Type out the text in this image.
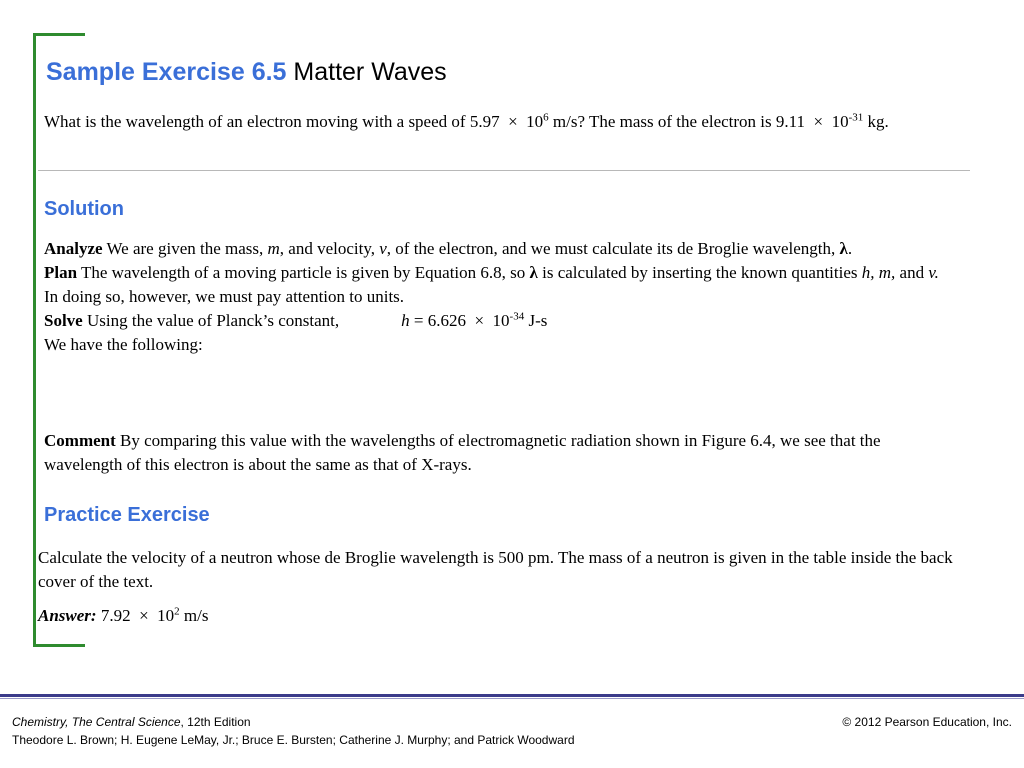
Sample Exercise 6.5 Matter Waves
What is the wavelength of an electron moving with a speed of $5.97 \times 10^6$ m/s? The mass of the electron is $9.11 \times 10^{-31}$ kg.
Solution
Analyze We are given the mass, m, and velocity, v, of the electron, and we must calculate its de Broglie wavelength, λ.
Plan The wavelength of a moving particle is given by Equation 6.8, so λ is calculated by inserting the known quantities h, m, and v. In doing so, however, we must pay attention to units.
Solve Using the value of Planck’s constant,	$h = 6.626 \times 10^{-34}$ J-s
We have the following:
Comment By comparing this value with the wavelengths of electromagnetic radiation shown in Figure 6.4, we see that the wavelength of this electron is about the same as that of X-rays.
Practice Exercise
Calculate the velocity of a neutron whose de Broglie wavelength is 500 pm. The mass of a neutron is given in the table inside the back cover of the text.
Answer: $7.92 \times 10^2$ m/s
Chemistry, The Central Science, 12th Edition
Theodore L. Brown; H. Eugene LeMay, Jr.; Bruce E. Bursten; Catherine J. Murphy; and Patrick Woodward
© 2012 Pearson Education, Inc.
